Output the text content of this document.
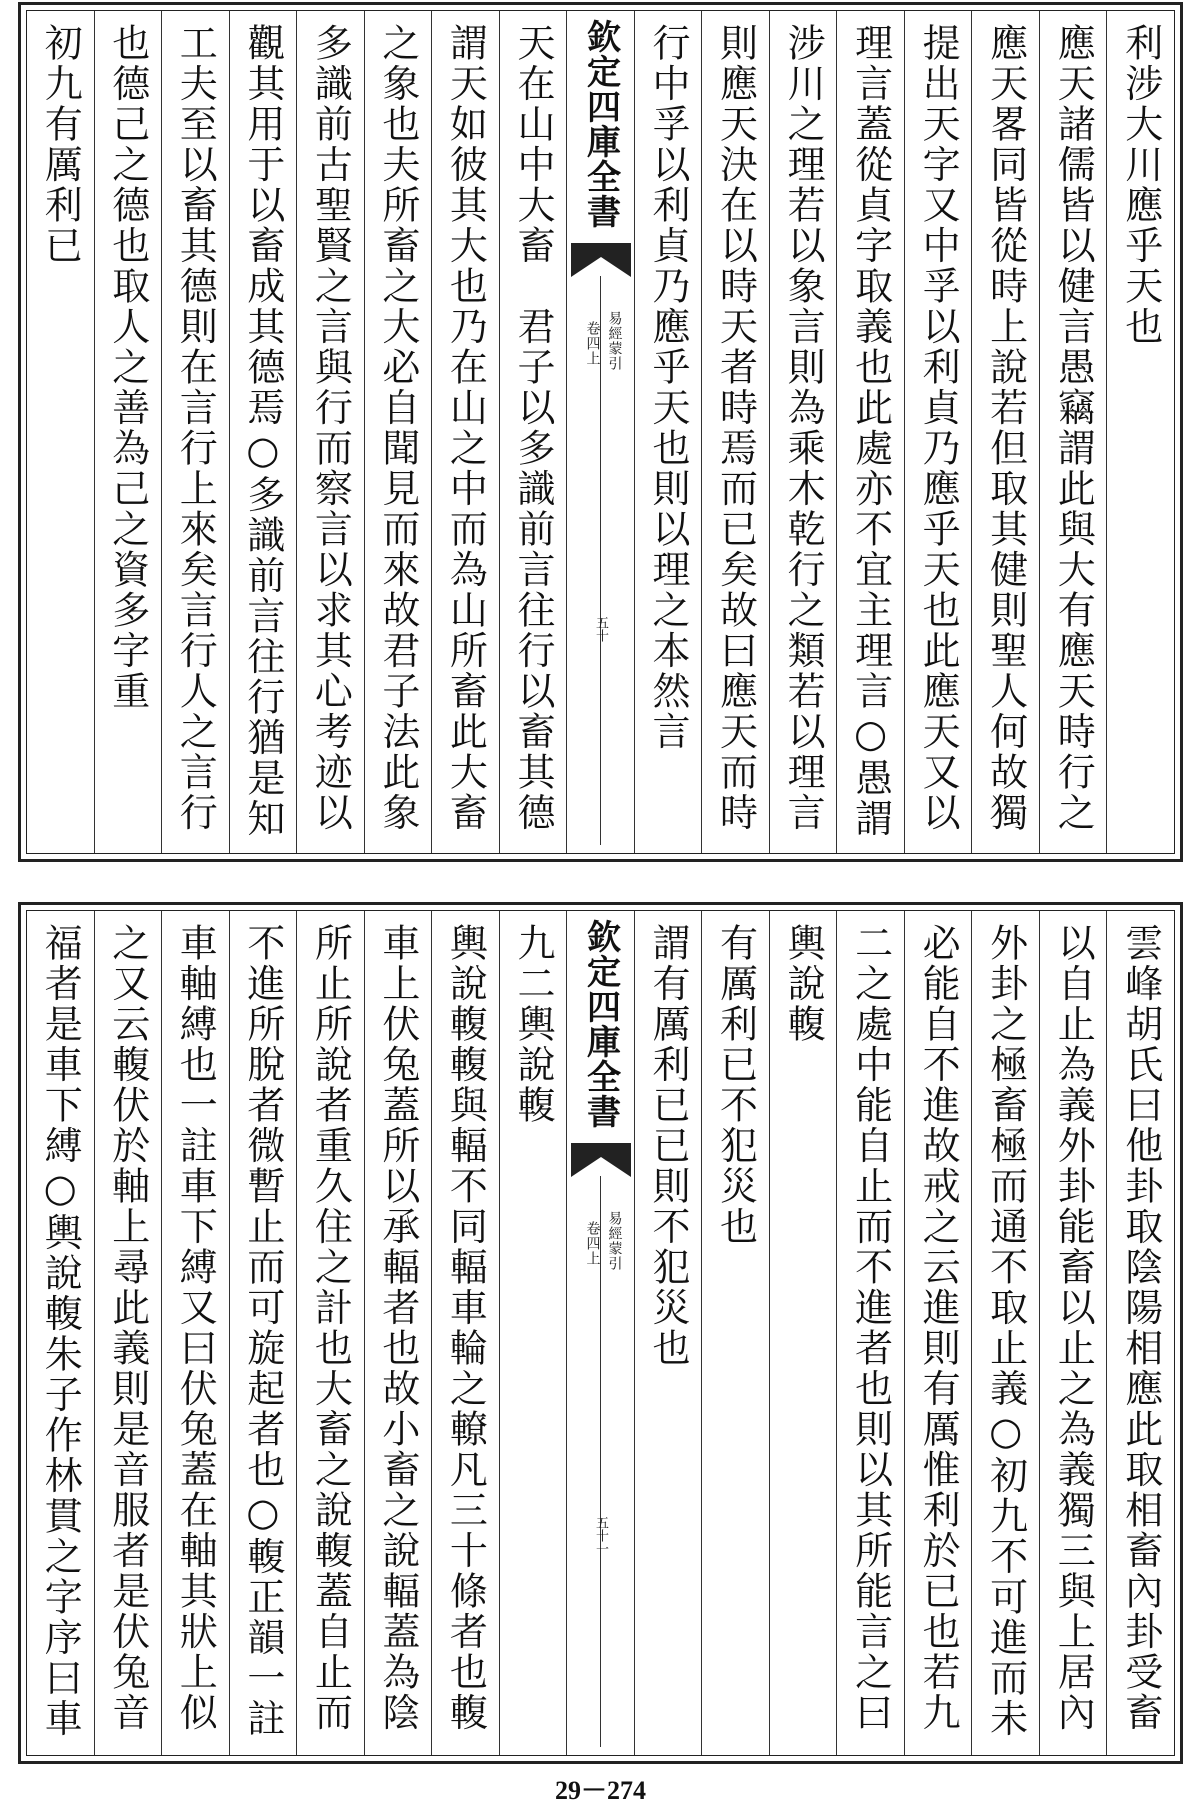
利涉大川應乎天也
應天諸儒皆以健言愚竊謂此與大有應天時行之
應天畧同皆從時上說若但取其健則聖人何故獨
提出天字又中孚以利貞乃應乎天也此應天又以
理言蓋從貞字取義也此處亦不宜主理言○愚謂
涉川之理若以象言則為乘木乾行之類若以理言
則應天決在以時天者時焉而已矣故曰應天而時
行中孚以利貞乃應乎天也則以理之本然言
欽定四庫全書
易經蒙引
卷四上
五十
天在山中大畜　君子以多識前言往行以畜其德
謂天如彼其大也乃在山之中而為山所畜此大畜
之象也夫所畜之大必自聞見而來故君子法此象
多識前古聖賢之言與行而察言以求其心考迹以
觀其用于以畜成其德焉○多識前言往行猶是知
工夫至以畜其德則在言行上來矣言行人之言行
也德己之德也取人之善為己之資多字重
初九有厲利已
雲峰胡氏曰他卦取陰陽相應此取相畜內卦受畜
以自止為義外卦能畜以止之為義獨三與上居內
外卦之極畜極而通不取止義○初九不可進而未
必能自不進故戒之云進則有厲惟利於已也若九
二之處中能自止而不進者也則以其所能言之曰
輿說輹
有厲利已不犯災也
謂有厲利已已則不犯災也
欽定四庫全書
易經蒙引
卷四上
五十一
九二輿說輹
輿說輹輹與輻不同輻車輪之轑凡三十條者也輹
車上伏兔蓋所以承輻者也故小畜之說輻蓋為陰
所止所說者重久住之計也大畜之說輹蓋自止而
不進所脫者微暫止而可旋起者也○輹正韻一註
車軸縛也一註車下縛又曰伏兔蓋在軸其狀上似
之又云輹伏於軸上尋此義則是音服者是伏兔音
福者是車下縛○輿說輹朱子作林貫之字序曰車
29－274
